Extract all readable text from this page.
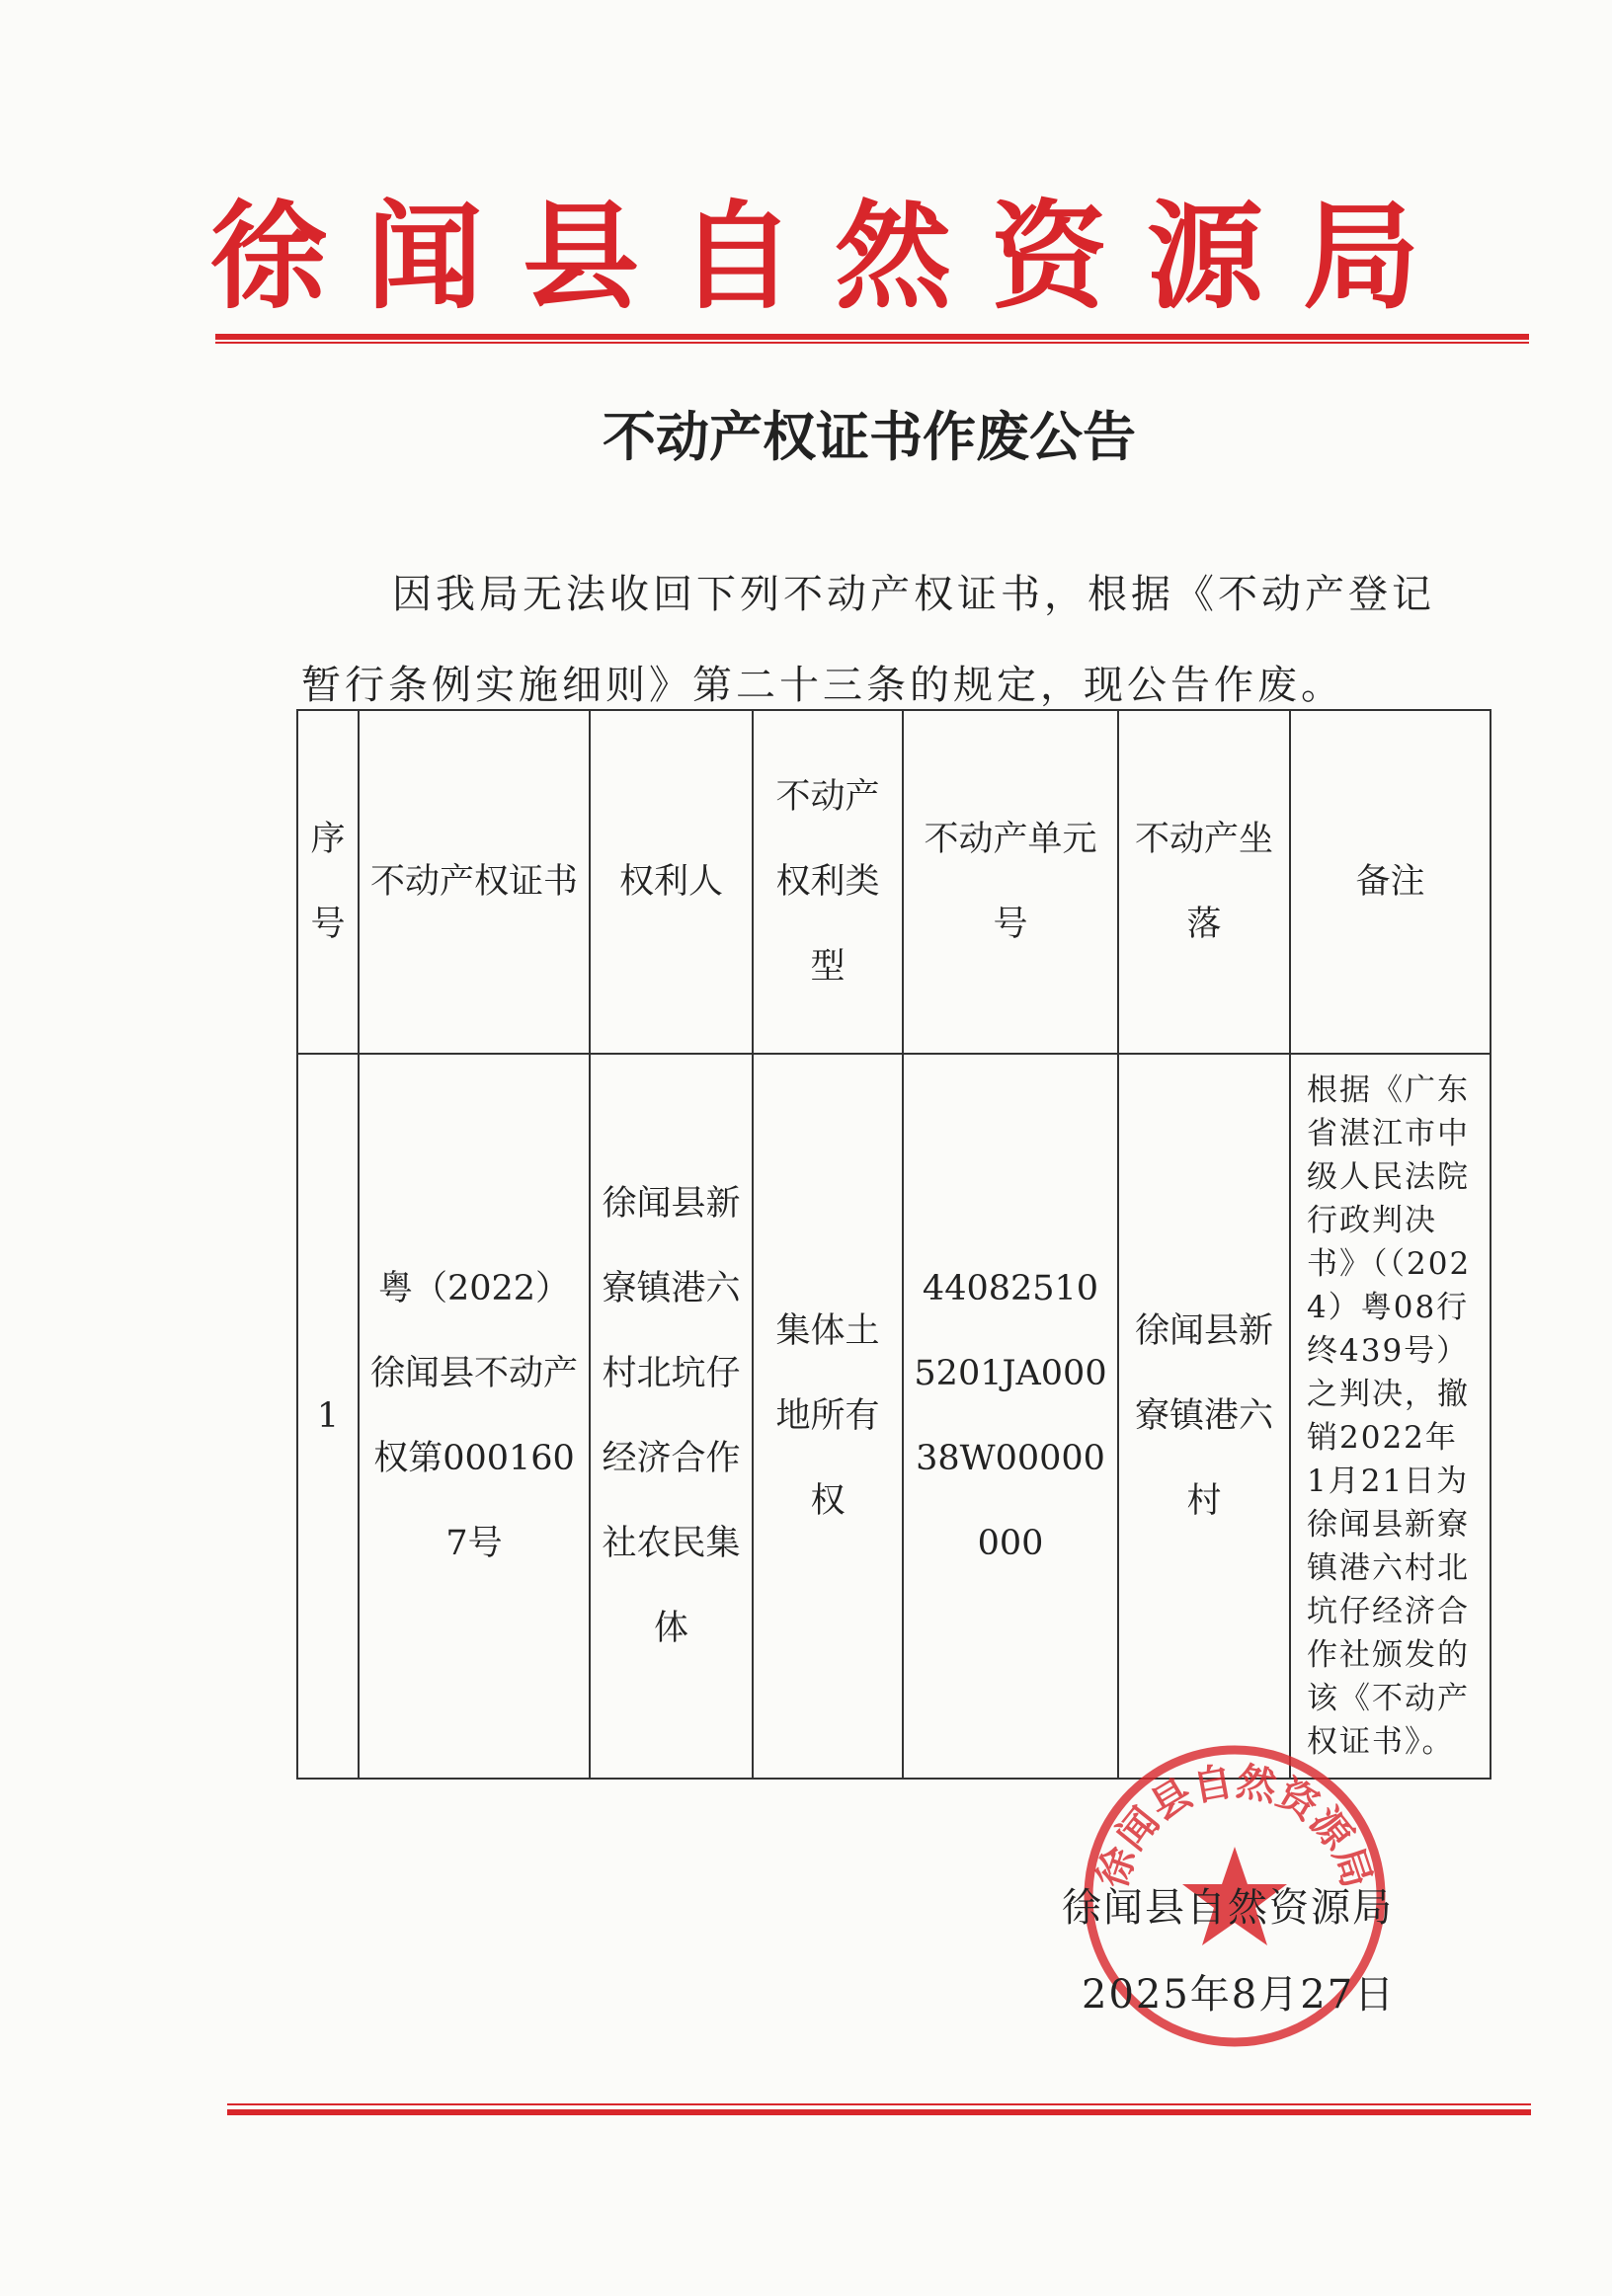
徐闻县自然资源局
不动产权证书作废公告
因我局无法收回下列不动产权证书，根据《不动产登记暂行条例实施细则》第二十三条的规定，现公告作废。
序号	不动产权证书	权利人	不动产权利类型	不动产单元号	不动产坐落	备注
1	粤（2022）徐闻县不动产权第0001607号	徐闻县新寮镇港六村北坑仔经济合作社农民集体	集体土地所有权	440825105201JA00038W00000000	徐闻县新寮镇港六村	根据《广东省湛江市中级人民法院行政判决书》（（2024）粤08行终439号）之判决，撤销2022年1月21日为徐闻县新寮镇港六村北坑仔经济合作社颁发的该《不动产权证书》。
徐闻县自然资源局
徐闻县自然资源局
2025年8月27日
